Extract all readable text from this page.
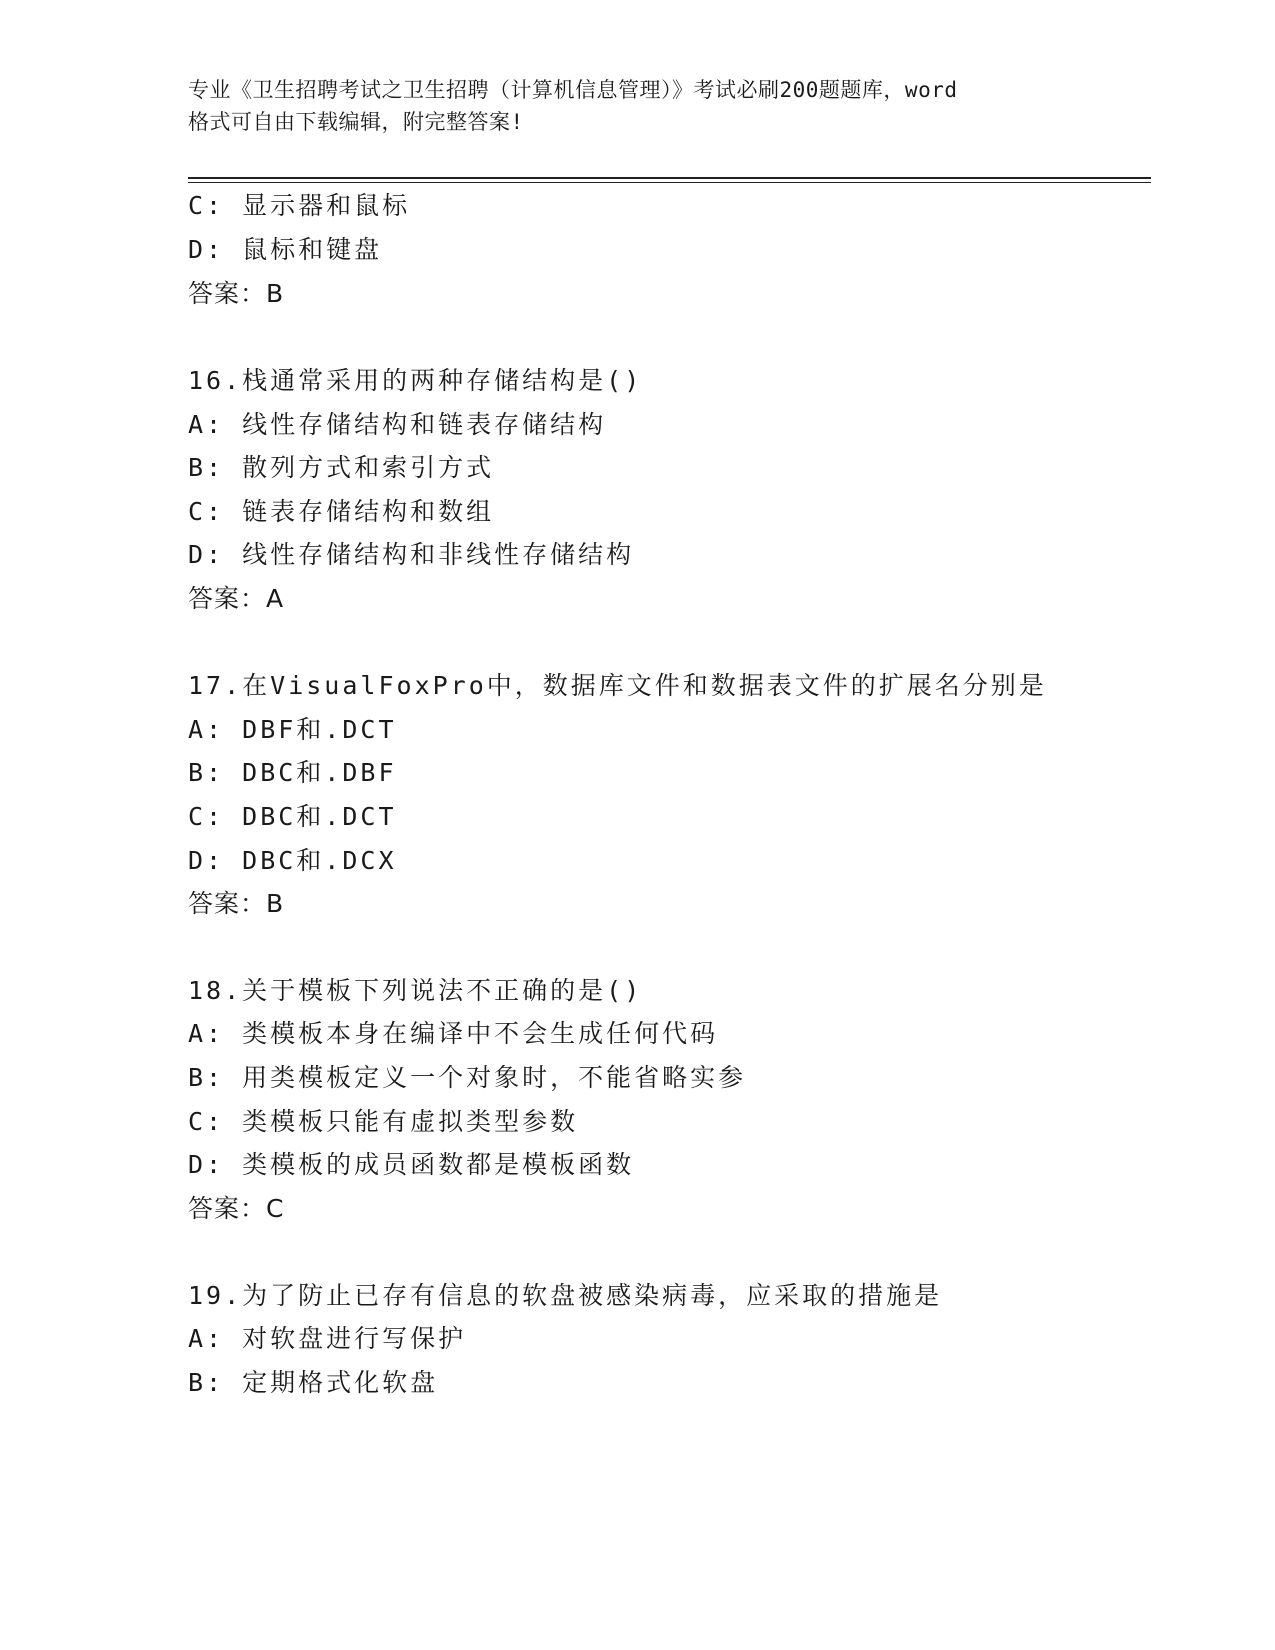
专业《卫生招聘考试之卫生招聘（计算机信息管理）》考试必刷200题题库，word
格式可自由下载编辑，附完整答案!
C: 显示器和鼠标
D: 鼠标和键盘
答案：B
16.栈通常采用的两种存储结构是()
A: 线性存储结构和链表存储结构
B: 散列方式和索引方式
C: 链表存储结构和数组
D: 线性存储结构和非线性存储结构
答案：A
17.在VisualFoxPro中，数据库文件和数据表文件的扩展名分别是
A: DBF和.DCT
B: DBC和.DBF
C: DBC和.DCT
D: DBC和.DCX
答案：B
18.关于模板下列说法不正确的是()
A: 类模板本身在编译中不会生成任何代码
B: 用类模板定义一个对象时，不能省略实参
C: 类模板只能有虚拟类型参数
D: 类模板的成员函数都是模板函数
答案：C
19.为了防止已存有信息的软盘被感染病毒，应采取的措施是
A: 对软盘进行写保护
B: 定期格式化软盘
